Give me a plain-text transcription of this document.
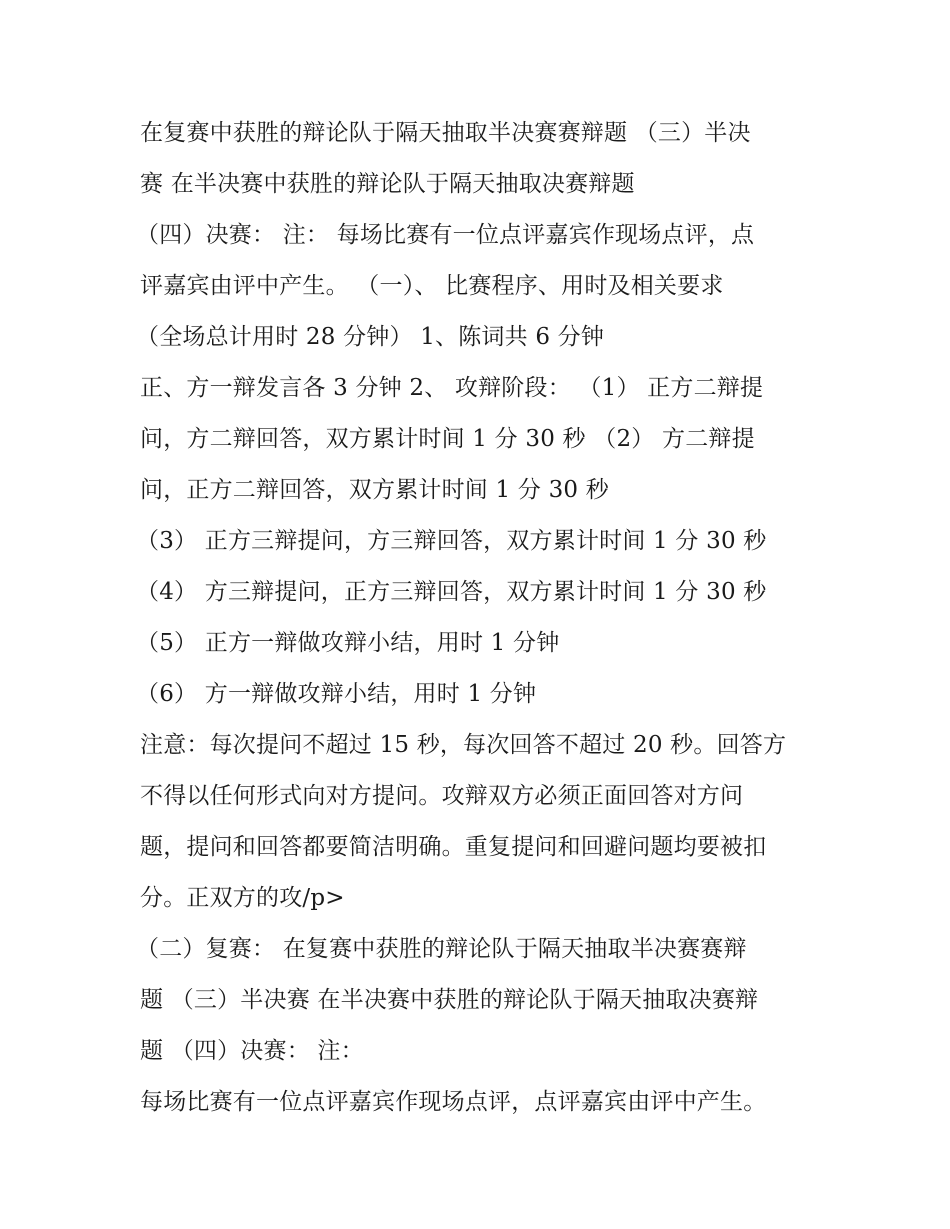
在复赛中获胜的辩论队于隔天抽取半决赛赛辩题 （三）半决
赛 在半决赛中获胜的辩论队于隔天抽取决赛辩题
（四）决赛： 注： 每场比赛有一位点评嘉宾作现场点评，点
评嘉宾由评中产生。 （一）、 比赛程序、用时及相关要求
（全场总计用时 28 分钟） 1、陈词共 6 分钟
正、方一辩发言各 3 分钟 2、 攻辩阶段： （1） 正方二辩提
问，方二辩回答，双方累计时间 1 分 30 秒 （2） 方二辩提
问，正方二辩回答，双方累计时间 1 分 30 秒
（3） 正方三辩提问，方三辩回答，双方累计时间 1 分 30 秒
（4） 方三辩提问，正方三辩回答，双方累计时间 1 分 30 秒
（5） 正方一辩做攻辩小结，用时 1 分钟
（6） 方一辩做攻辩小结，用时 1 分钟
注意：每次提问不超过 15 秒，每次回答不超过 20 秒。回答方
不得以任何形式向对方提问。攻辩双方必须正面回答对方问
题，提问和回答都要简洁明确。重复提问和回避问题均要被扣
分。正双方的攻/p>
（二）复赛： 在复赛中获胜的辩论队于隔天抽取半决赛赛辩
题 （三）半决赛 在半决赛中获胜的辩论队于隔天抽取决赛辩
题 （四）决赛： 注：
每场比赛有一位点评嘉宾作现场点评，点评嘉宾由评中产生。
